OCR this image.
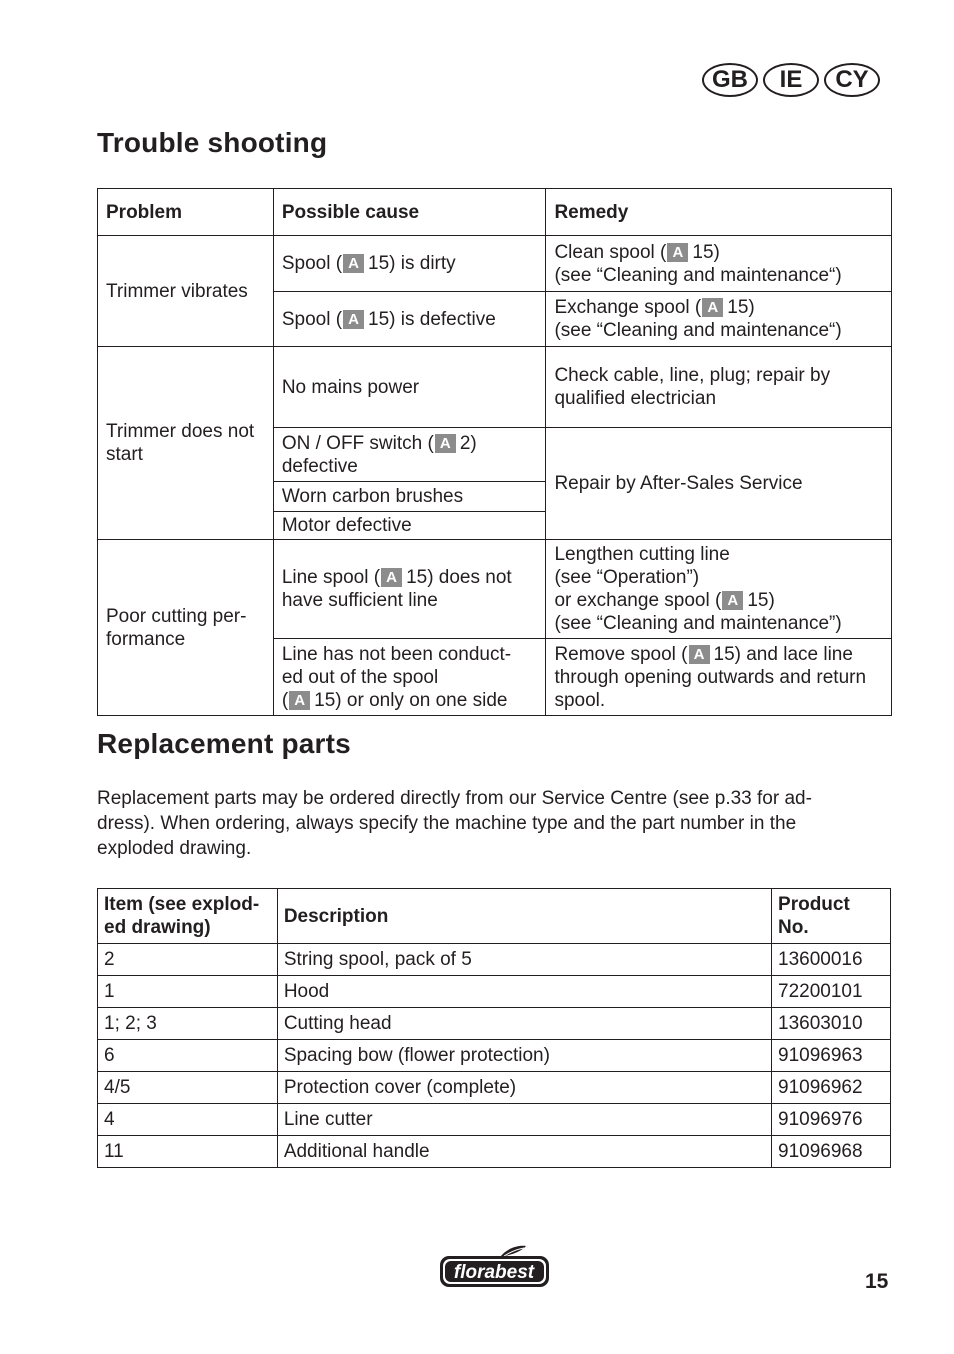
GB	IE	CY
Trouble shooting
Problem	Possible cause	Remedy
Trimmer vibrates	Spool ( A 15) is dirty	Clean spool ( A 15)
(see “Cleaning and maintenance“)
	Spool ( A 15) is defective	Exchange spool ( A 15)
(see “Cleaning and maintenance“)
Trimmer does not start	No mains power	Check cable, line, plug; repair by qualified electrician
	ON / OFF switch ( A 2) defective	Repair by After-Sales Service
	Worn carbon brushes	
	Motor defective	
Poor cutting per-
formance	Line spool ( A 15) does not have sufficient line	Lengthen cutting line
(see “Operation”)
or exchange spool ( A 15)
(see “Cleaning and maintenance”)
	Line has not been conduct-
ed out of the spool
( A 15) or only on one side	Remove spool ( A 15) and lace line through opening outwards and return spool.
Replacement parts

Replacement parts may be ordered directly from our Service Centre (see p.33 for ad-
dress). When ordering, always specify the machine type and the part number in the
exploded drawing.

Item (see explod-
ed drawing)	Description	Product
No.
2	String spool, pack of 5	13600016
1	Hood	72200101
1; 2; 3	Cutting head	13603010
6	Spacing bow (flower protection)	91096963
4/5	Protection cover (complete)	91096962
4	Line cutter	91096976
11	Additional handle	91096968
florabest	15
